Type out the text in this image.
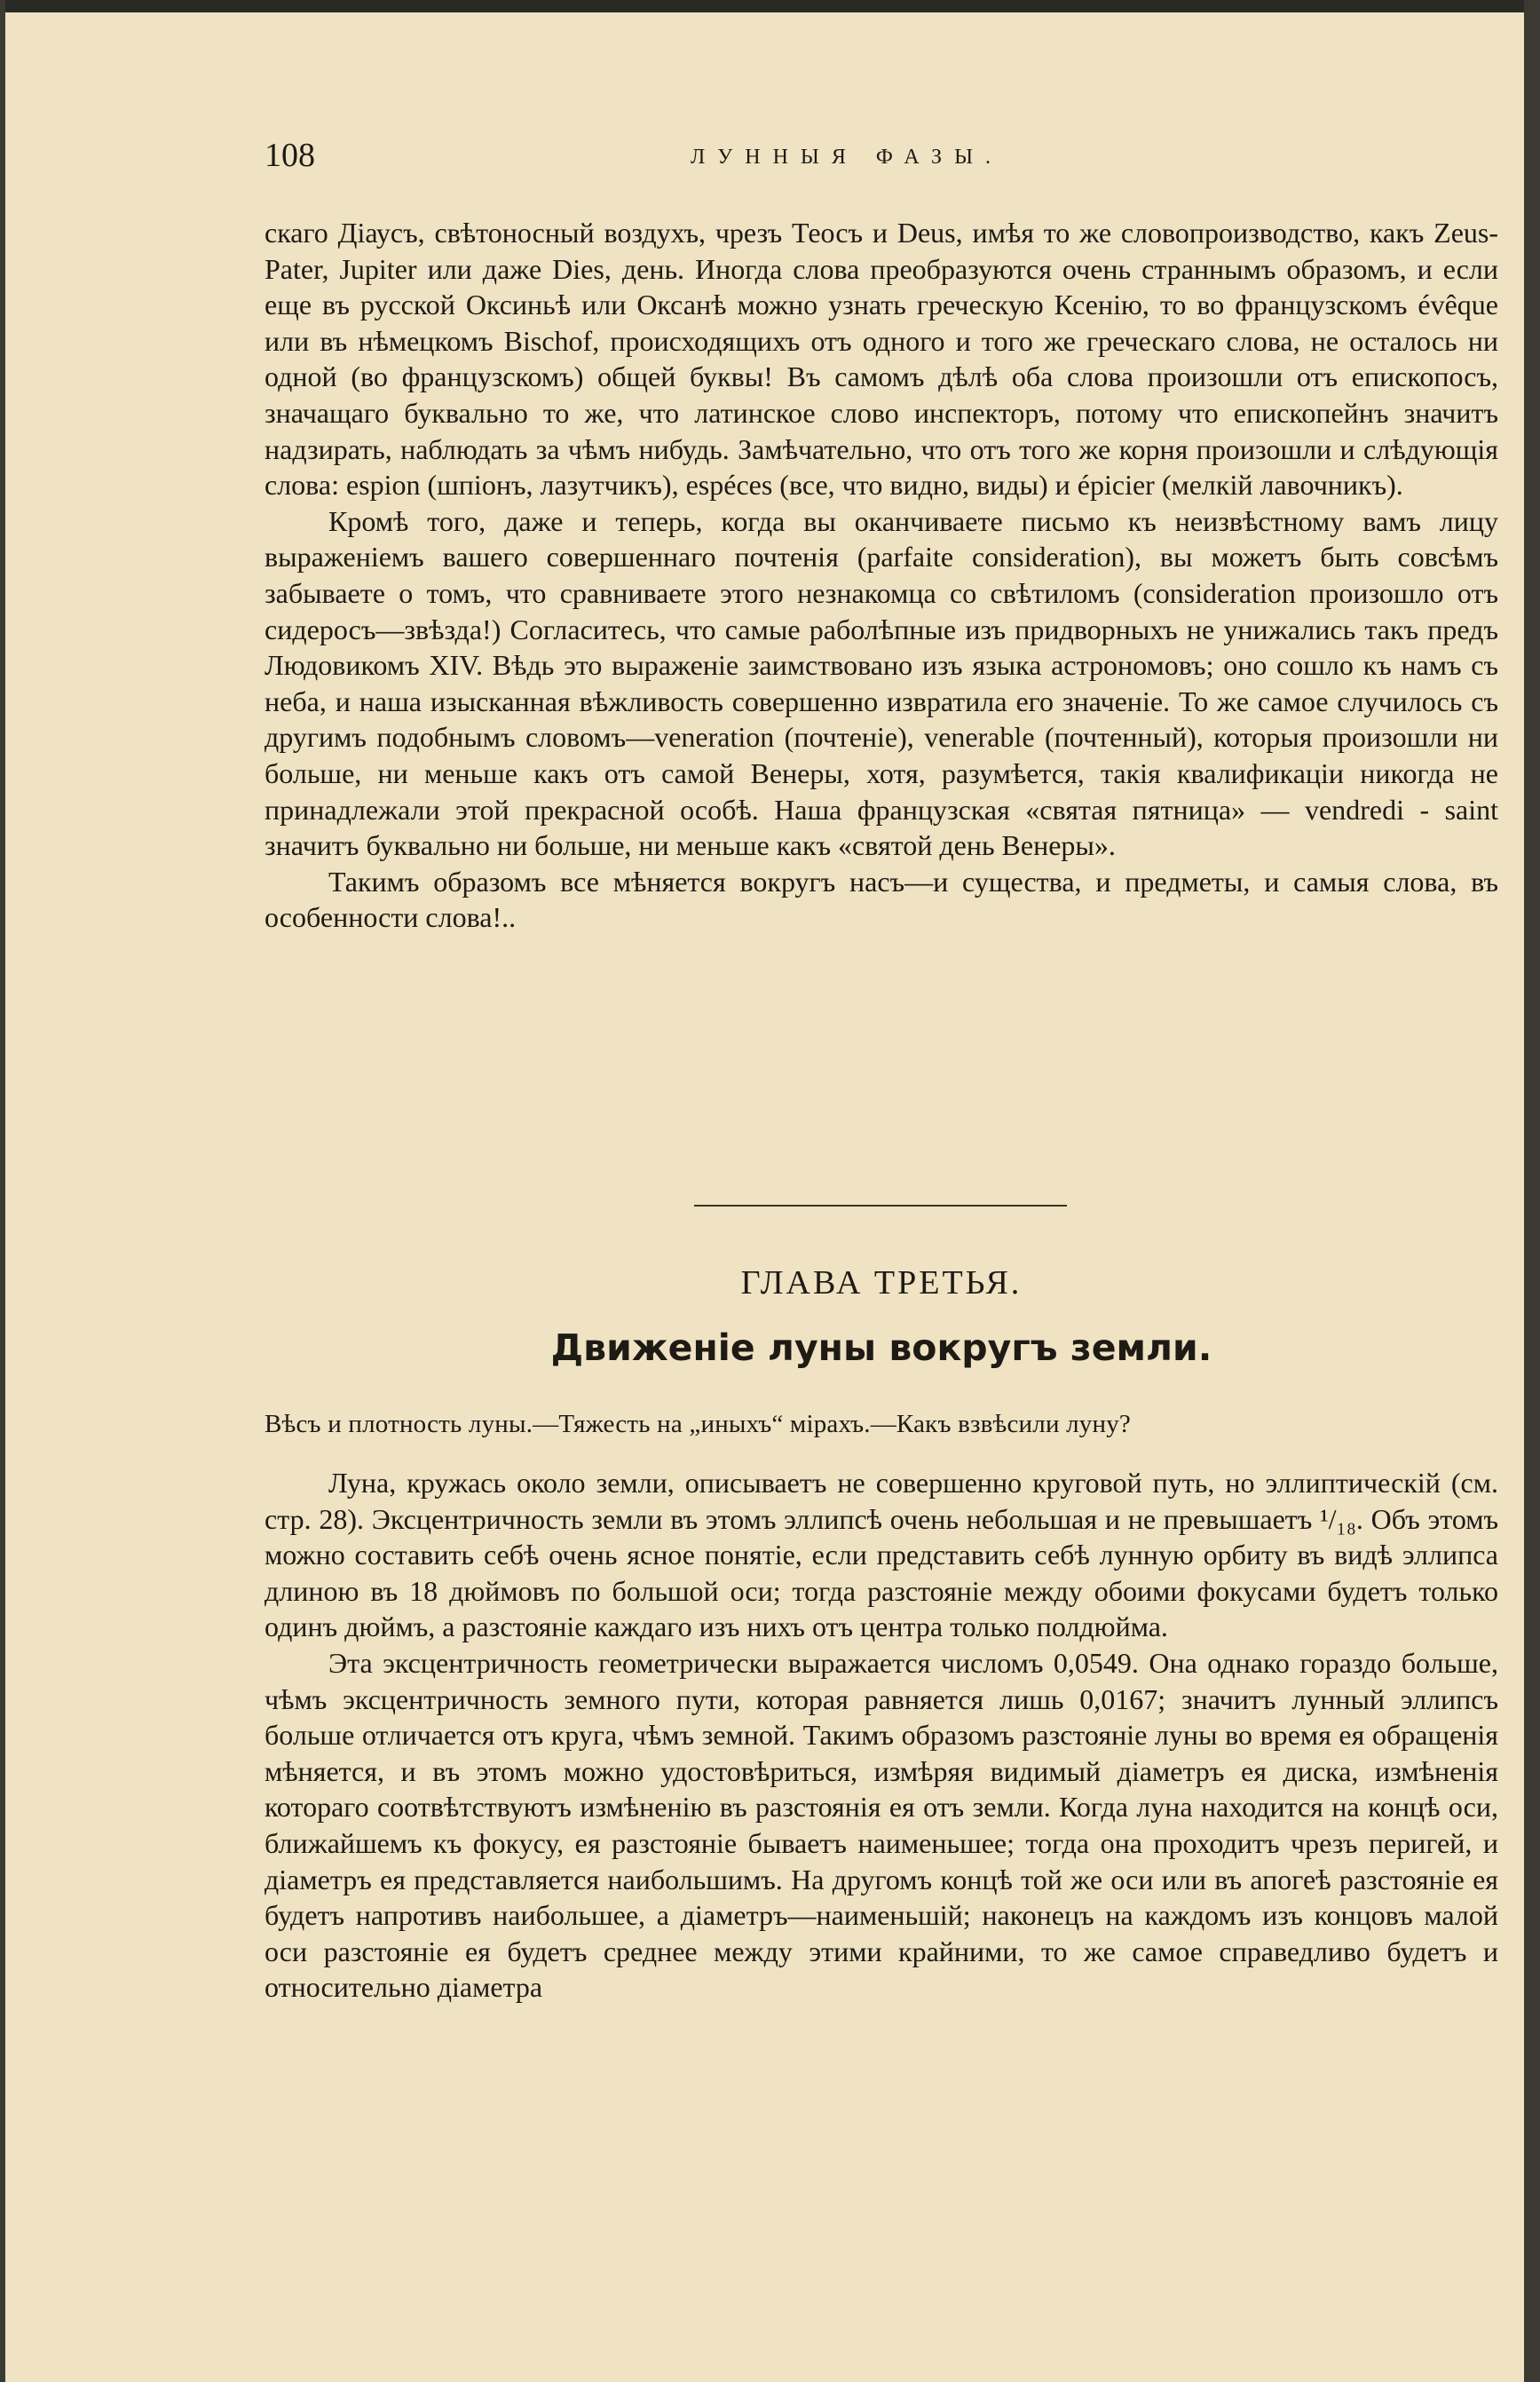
108	ЛУННЫЯ ФАЗЫ.

скаго Діаусъ, свѣтоносный воздухъ, чрезъ Теосъ и Deus, имѣя то же словопроизводство, какъ Zeus-Pater, Jupiter или даже Dies, день. Иногда слова преобразуются очень страннымъ образомъ, и если еще въ русской Оксиньѣ или Оксанѣ можно узнать греческую Ксенію, то во французскомъ évêque или въ нѣмецкомъ Bischof, происходящихъ отъ одного и того же греческаго слова, не осталось ни одной (во французскомъ) общей буквы! Въ самомъ дѣлѣ оба слова произошли отъ епископосъ, значащаго буквально то же, что латинское слово инспекторъ, потому что епископейнъ значитъ надзирать, наблюдать за чѣмъ нибудь. Замѣчательно, что отъ того же корня произошли и слѣдующія слова: espion (шпіонъ, лазутчикъ), espéces (все, что видно, виды) и épicier (мелкій лавочникъ).

Кромѣ того, даже и теперь, когда вы оканчиваете письмо къ неизвѣстному вамъ лицу выраженіемъ вашего совершеннаго почтенія (parfaite considеration), вы можетъ быть совсѣмъ забываете о томъ, что сравниваете этого незнакомца со свѣтиломъ (considеration произошло отъ сидеросъ—звѣзда!) Согласитесь, что самые раболѣпные изъ придворныхъ не унижались такъ предъ Людовикомъ XIV. Вѣдь это выраженіе заимствовано изъ языка астрономовъ; оно сошло къ намъ съ неба, и наша изысканная вѣжливость совершенно извратила его значеніе. То же самое случилось съ другимъ подобнымъ словомъ—veneration (почтеніе), venerable (почтенный), которыя произошли ни больше, ни меньше какъ отъ самой Венеры, хотя, разумѣется, такія квалификаціи никогда не принадлежали этой прекрасной особѣ. Наша французская «святая пятница» — vendredi - saint значитъ буквально ни больше, ни меньше какъ «святой день Венеры».

Такимъ образомъ все мѣняется вокругъ насъ—и существа, и предметы, и самыя слова, въ особенности слова!..

ГЛАВА ТРЕТЬЯ.
Движеніе луны вокругъ земли.
Вѣсъ и плотность луны.—Тяжесть на „иныхъ“ мірахъ.—Какъ взвѣсили луну?

Луна, кружась около земли, описываетъ не совершенно круговой путь, но эллиптическій (см. стр. 28). Эксцентричность земли въ этомъ эллипсѣ очень небольшая и не превышаетъ ¹/₁₈. Объ этомъ можно составить себѣ очень ясное понятіе, если представить себѣ лунную орбиту въ видѣ эллипса длиною въ 18 дюймовъ по большой оси; тогда разстояніе между обоими фокусами будетъ только одинъ дюймъ, а разстояніе каждаго изъ нихъ отъ центра только полдюйма.

Эта эксцентричность геометрически выражается числомъ 0,0549. Она однако гораздо больше, чѣмъ эксцентричность земного пути, которая равняется лишь 0,0167; значитъ лунный эллипсъ больше отличается отъ круга, чѣмъ земной. Такимъ образомъ разстояніе луны во время ея обращенія мѣняется, и въ этомъ можно удостовѣриться, измѣряя видимый діаметръ ея диска, измѣненія котораго соотвѣтствуютъ измѣненію въ разстоянія ея отъ земли. Когда луна находится на концѣ оси, ближайшемъ къ фокусу, ея разстояніе бываетъ наименьшее; тогда она проходитъ чрезъ перигей, и діаметръ ея представляется наибольшимъ. На другомъ концѣ той же оси или въ апогеѣ разстояніе ея будетъ напротивъ наибольшее, а діаметръ—наименьшій; наконецъ на каждомъ изъ концовъ малой оси разстояніе ея будетъ среднее между этими крайними, то же самое справедливо будетъ и относительно діаметра
